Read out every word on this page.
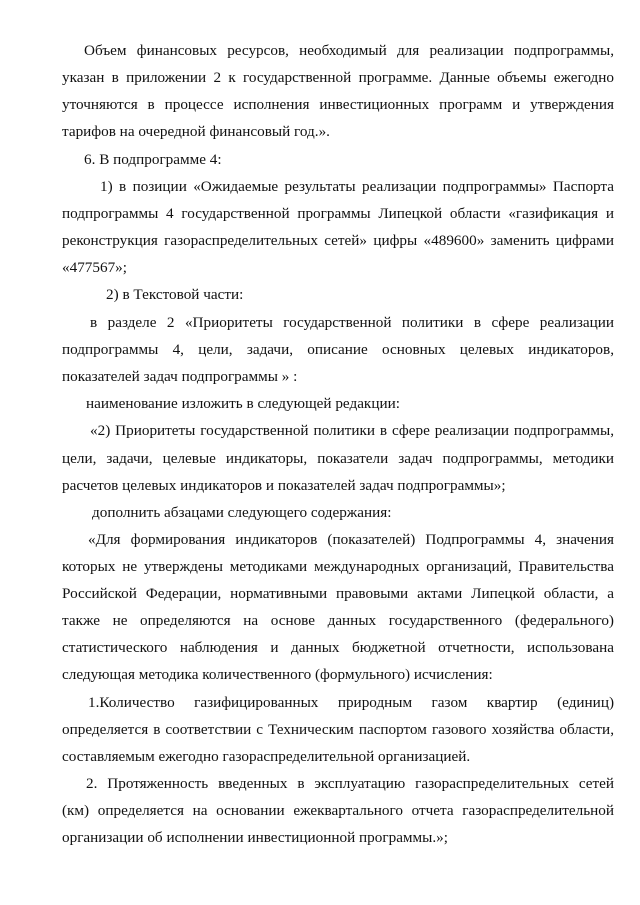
Объем финансовых ресурсов, необходимый для реализации подпрограммы,
указан в приложении 2 к государственной программе. Данные объемы ежегодно
уточняются в процессе исполнения инвестиционных программ и утверждения
тарифов на очередной финансовый год.».
6. В подпрограмме 4:
1) в позиции «Ожидаемые результаты реализации подпрограммы» Паспорта
подпрограммы 4 государственной программы Липецкой области «газификация и
реконструкция газораспределительных сетей» цифры «489600» заменить цифрами
«477567»;
2) в Текстовой части:
в разделе 2 «Приоритеты государственной политики в сфере реализации
подпрограммы 4, цели, задачи, описание основных целевых индикаторов,
показателей задач подпрограммы » :
наименование изложить в следующей редакции:
«2) Приоритеты государственной политики в сфере реализации подпрограммы,
цели, задачи, целевые индикаторы, показатели задач подпрограммы, методики
расчетов целевых индикаторов и показателей задач подпрограммы»;
дополнить абзацами следующего содержания:
«Для формирования индикаторов (показателей) Подпрограммы 4, значения
которых не утверждены методиками международных организаций, Правительства
Российской Федерации, нормативными правовыми актами Липецкой области, а
также не определяются на основе данных государственного (федерального)
статистического наблюдения и данных бюджетной отчетности, использована
следующая методика количественного (формульного) исчисления:
1.Количество газифицированных природным газом квартир (единиц)
определяется в соответствии с Техническим паспортом газового хозяйства области,
составляемым ежегодно газораспределительной организацией.
2. Протяженность введенных в эксплуатацию газораспределительных сетей
(км) определяется на основании ежеквартального отчета газораспределительной
организации об исполнении инвестиционной программы.»;
